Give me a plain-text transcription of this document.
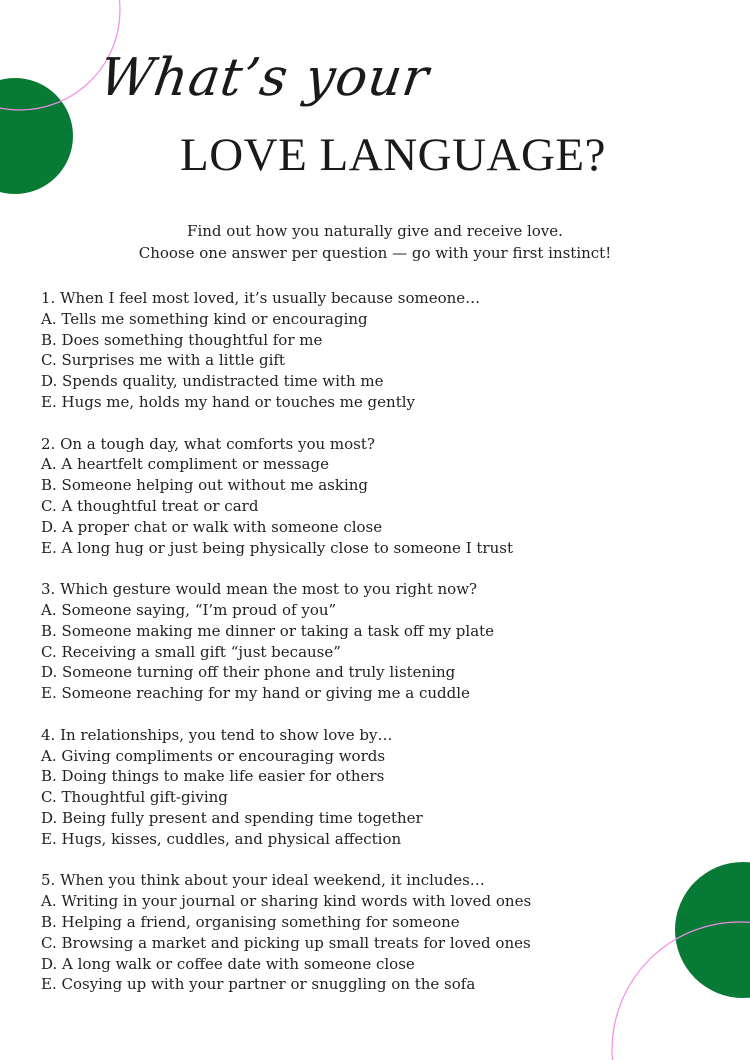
What’s your
LOVE LANGUAGE?
Find out how you naturally give and receive love.
Choose one answer per question — go with your first instinct!
1. When I feel most loved, it’s usually because someone…
A. Tells me something kind or encouraging
B. Does something thoughtful for me
C. Surprises me with a little gift
D. Spends quality, undistracted time with me
E. Hugs me, holds my hand or touches me gently
2. On a tough day, what comforts you most?
A. A heartfelt compliment or message
B. Someone helping out without me asking
C. A thoughtful treat or card
D. A proper chat or walk with someone close
E. A long hug or just being physically close to someone I trust
3. Which gesture would mean the most to you right now?
A. Someone saying, “I’m proud of you”
B. Someone making me dinner or taking a task off my plate
C. Receiving a small gift “just because”
D. Someone turning off their phone and truly listening
E. Someone reaching for my hand or giving me a cuddle
4. In relationships, you tend to show love by…
A. Giving compliments or encouraging words
B. Doing things to make life easier for others
C. Thoughtful gift-giving
D. Being fully present and spending time together
E. Hugs, kisses, cuddles, and physical affection
5. When you think about your ideal weekend, it includes…
A. Writing in your journal or sharing kind words with loved ones
B. Helping a friend, organising something for someone
C. Browsing a market and picking up small treats for loved ones
D. A long walk or coffee date with someone close
E. Cosying up with your partner or snuggling on the sofa
